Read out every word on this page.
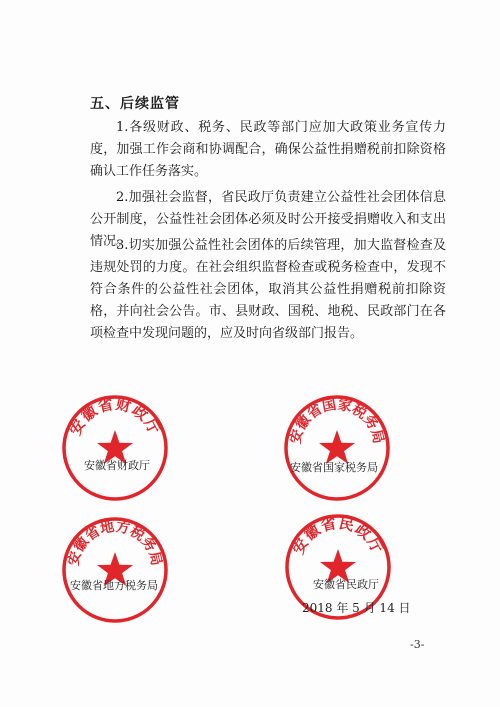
五、后续监管

1.各级财政、税务、民政等部门应加大政策业务宣传力度，加强工作会商和协调配合，确保公益性捐赠税前扣除资格确认工作任务落实。

2.加强社会监督，省民政厅负责建立公益性社会团体信息公开制度，公益性社会团体必须及时公开接受捐赠收入和支出情况。

3.切实加强公益性社会团体的后续管理，加大监督检查及违规处罚的力度。在社会组织监督检查或税务检查中，发现不符合条件的公益性社会团体，取消其公益性捐赠税前扣除资格，并向社会公告。市、县财政、国税、地税、民政部门在各项检查中发现问题的，应及时向省级部门报告。

安徽省财政厅
安徽省财政厅
安徽省国家税务局
安徽省国家税务局
安徽省地方税务局
安徽省地方税务局
安徽省民政厅
安徽省民政厅
2018 年 5 月 14 日
-3-
